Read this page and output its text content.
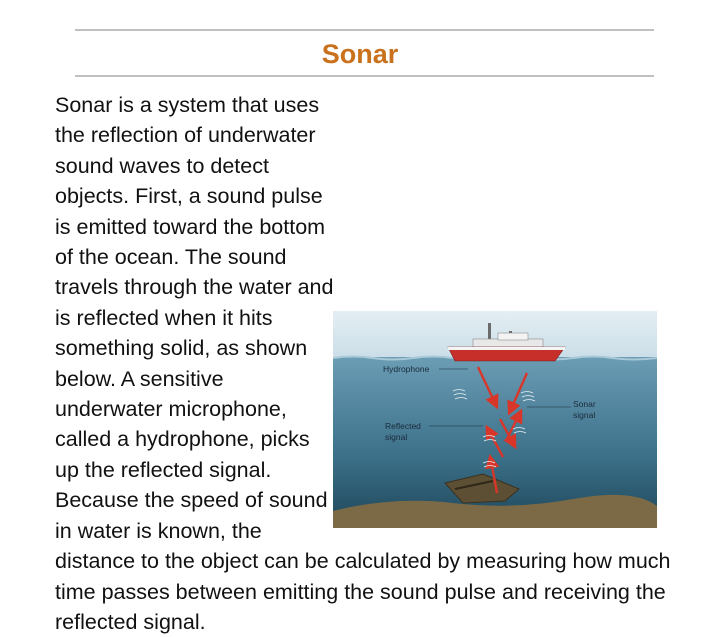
Sonar

Sonar is a system that uses the reflection of underwater sound waves to detect objects. First, a sound pulse is emitted toward the bottom of the ocean. The sound travels through the water and is reflected when it hits something solid, as shown below. A sensitive underwater microphone, called a hydrophone, picks up the reflected signal. Because the speed of sound in water is known, the distance to the object can be calculated by measuring how much time passes between emitting the sound pulse and receiving the reflected signal.

Hydrophone
Sonar
signal
Reflected
signal
